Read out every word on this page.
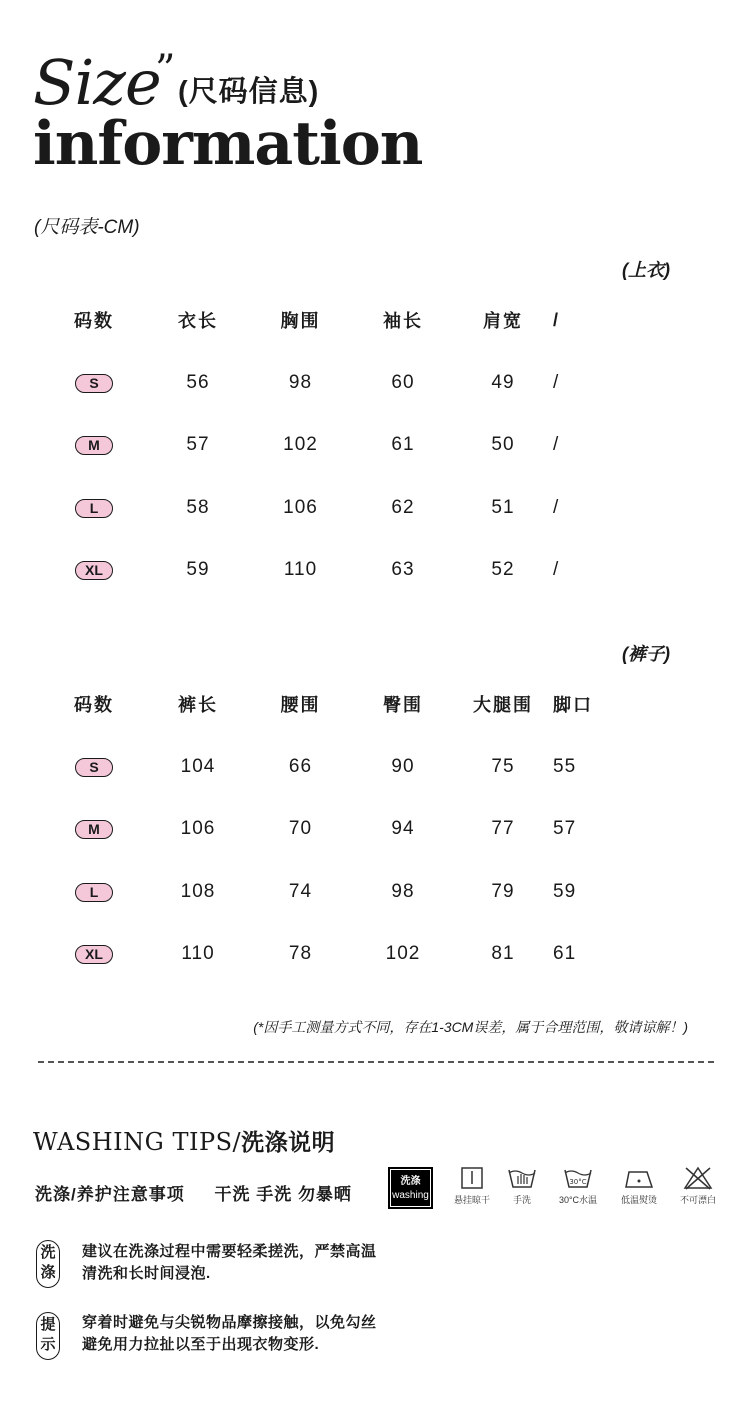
Size
” (尺码信息)
information
(尺码表-CM)
(上衣)
码数	衣长	胸围	袖长	肩宽	/
S	56	98	60	49	/
M	57	102	61	50	/
L	58	106	62	51	/
XL	59	110	63	52	/
(裤子)
码数	裤长	腰围	臀围	大腿围	脚口
S	104	66	90	75	55
M	106	70	94	77	57
L	108	74	98	79	59
XL	110	78	102	81	61
(*因手工测量方式不同，存在1-3CM误差，属于合理范围，敬请谅解！)
WASHING TIPS/洗涤说明
洗涤/养护注意事项 干洗 手洗 勿暴晒
洗涤
washing	悬挂晾干	手洗
30°C
30°C水温	低温熨烫	不可漂白
洗
涤
建议在洗涤过程中需要轻柔搓洗，严禁高温
清洗和长时间浸泡.
提
示
穿着时避免与尖锐物品摩擦接触，以免勾丝
避免用力拉扯以至于出现衣物变形.
